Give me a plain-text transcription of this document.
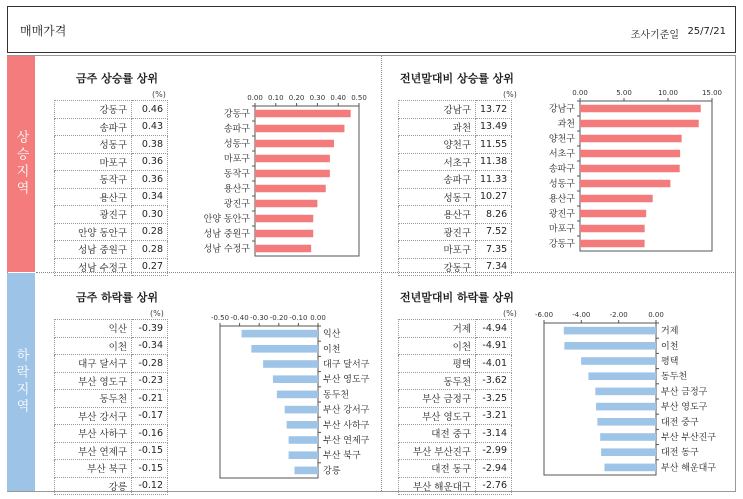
매매가격	조사기준일 25/7/21
상승지역
하락지역
금주 상승률 상위
(%)
강동구	0.46
송파구	0.43
성동구	0.38
마포구	0.36
동작구	0.36
용산구	0.34
광진구	0.30
안양 동안구	0.28
성남 중원구	0.28
성남 수정구	0.27
0.00 0.10 0.20 0.30 0.40 0.50
강동구
송파구
성동구
마포구
동작구
용산구
광진구
안양 동안구
성남 중원구
성남 수정구
전년말대비 상승률 상위
(%)
강남구	13.72
과천	13.49
양천구	11.55
서초구	11.38
송파구	11.33
성동구	10.27
용산구	8.26
광진구	7.52
마포구	7.35
강동구	7.34
0.00	5.00	10.00	15.00
강남구
과천
양천구
서초구
송파구
성동구
용산구
광진구
마포구
강동구
금주 하락률 상위
(%)
익산	-0.39
이천	-0.34
대구 달서구	-0.28
부산 영도구	-0.23
동두천	-0.21
부산 강서구	-0.17
부산 사하구	-0.16
부산 연제구	-0.15
부산 북구	-0.15
강릉	-0.12
-0.50 -0.40 -0.30 -0.20 -0.10 0.00
익산
이천
대구 달서구
부산 영도구
동두천
부산 강서구
부산 사하구
부산 연제구
부산 북구
강릉
전년말대비 하락률 상위
(%)
거제	-4.94
이천	-4.91
평택	-4.01
동두천	-3.62
부산 금정구	-3.25
부산 영도구	-3.21
대전 중구	-3.14
부산 부산진구	-2.99
대전 동구	-2.94
부산 해운대구	-2.76
-6.00	-4.00	-2.00	0.00
거제
이천
평택
동두천
부산 금정구
부산 영도구
대전 중구
부산 부산진구
대전 동구
부산 해운대구
